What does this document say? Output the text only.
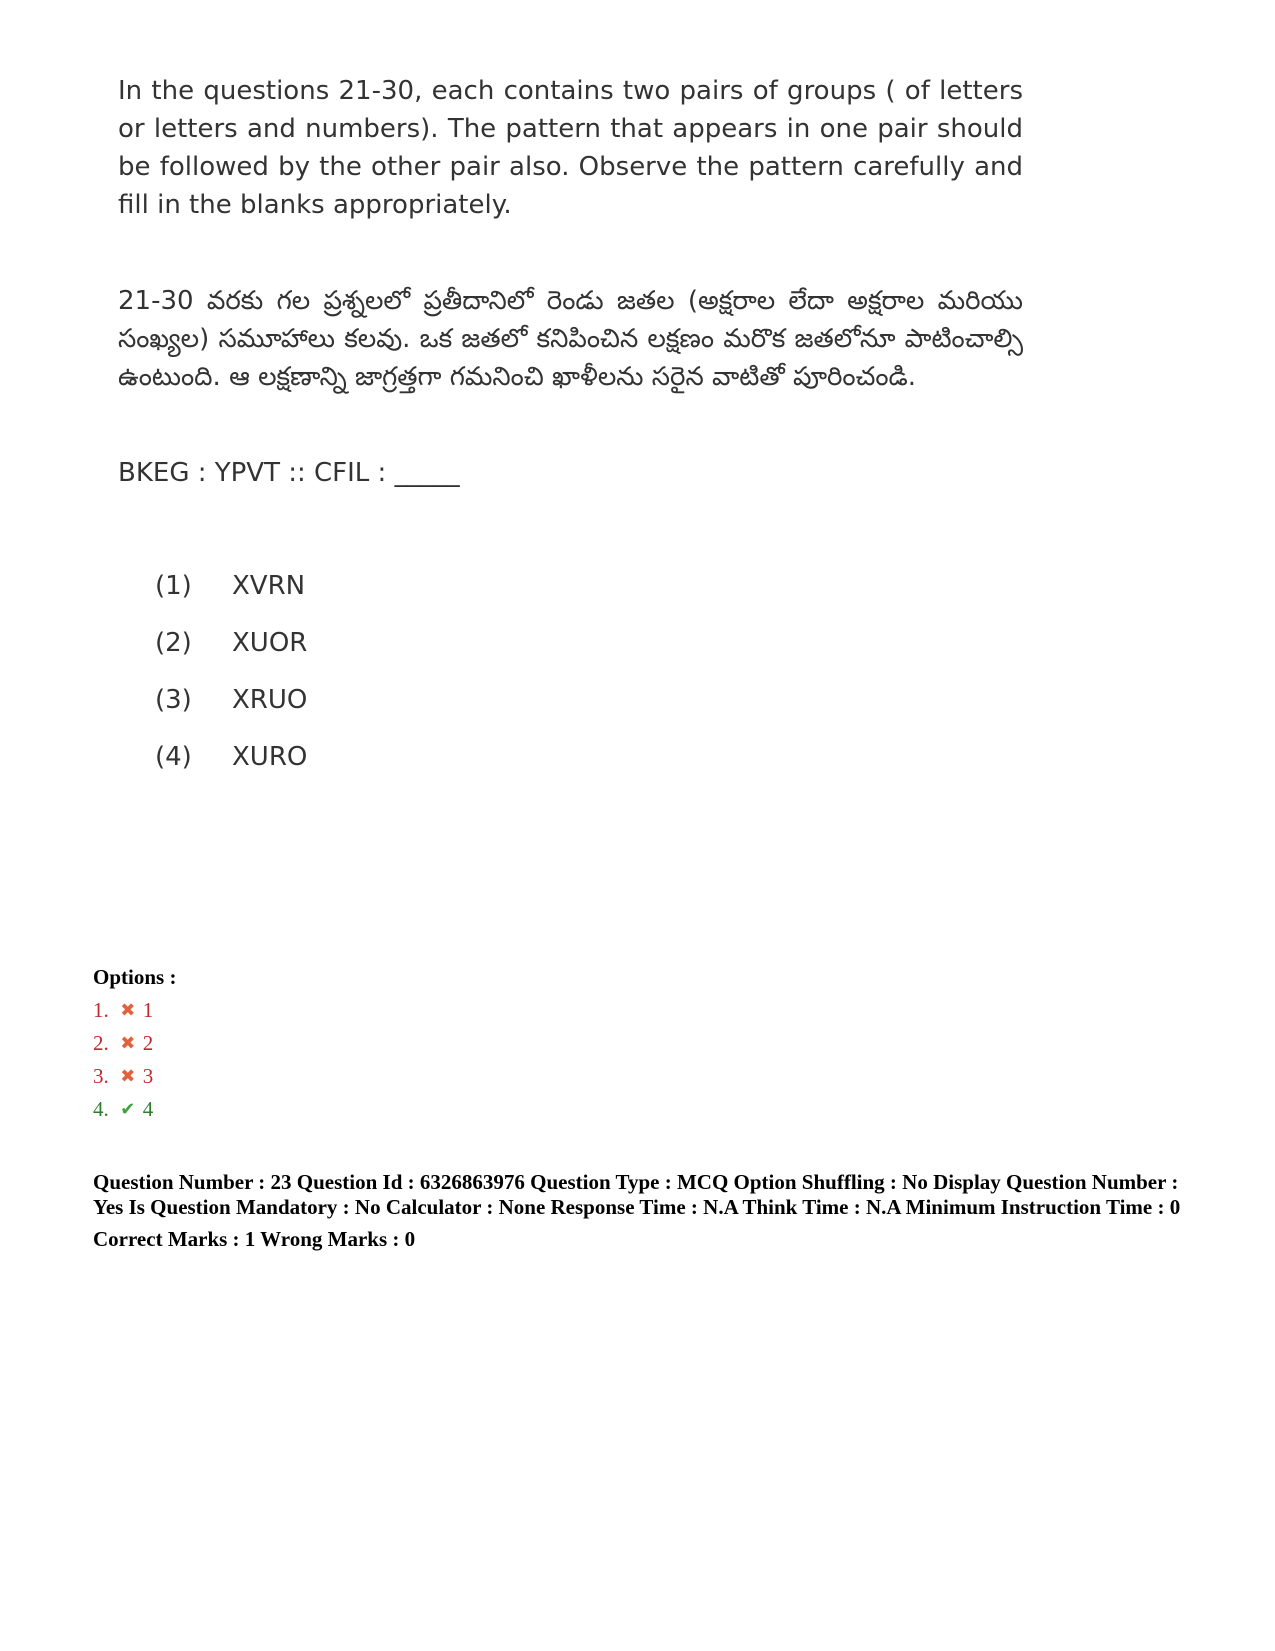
In the questions 21-30, each contains two pairs of groups ( of letters or letters and numbers). The pattern that appears in one pair should be followed by the other pair also. Observe the pattern carefully and fill in the blanks appropriately.

21-30 వరకు గల ప్రశ్నలలో ప్రతీదానిలో రెండు జతల (అక్షరాల లేదా అక్షరాల మరియు సంఖ్యల) సమూహాలు కలవు. ఒక జతలో కనిపించిన లక్షణం మరొక జతలోనూ పాటించాల్సి ఉంటుంది. ఆ లక్షణాన్ని జాగ్రత్తగా గమనించి ఖాళీలను సరైన వాటితో పూరించండి.

BKEG : YPVT :: CFIL : _____

(1)	XVRN
(2)	XUOR
(3)	XRUO
(4)	XURO
Options :
1. ✖ 1
2. ✖ 2
3. ✖ 3
4. ✔ 4
Question Number : 23 Question Id : 6326863976 Question Type : MCQ Option Shuffling : No Display Question Number : Yes Is Question Mandatory : No Calculator : None Response Time : N.A Think Time : N.A Minimum Instruction Time : 0
Correct Marks : 1 Wrong Marks : 0
